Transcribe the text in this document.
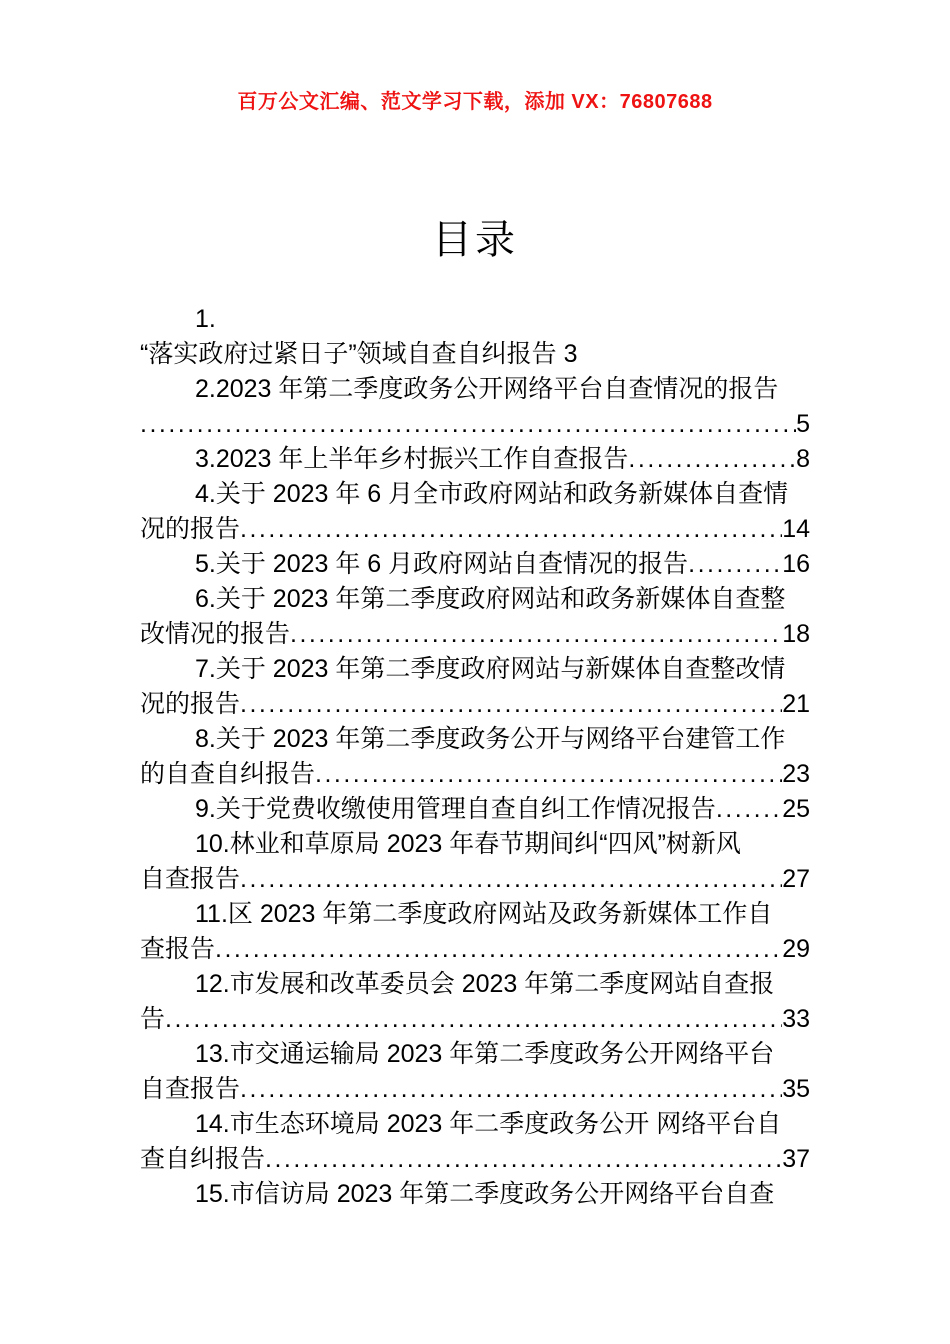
百万公文汇编、范文学习下载，添加 VX：76807688
目录
1.
“落实政府过紧日子”领域自查自纠报告 3
2.2023 年第二季度政务公开网络平台自查情况的报告
.....
5
3.2023 年上半年乡村振兴工作自查报告 .....	8
4.关于 2023 年 6 月全市政府网站和政务新媒体自查情
况的报告 .....	14
5.关于 2023 年 6 月政府网站自查情况的报告 .....	16
6.关于 2023 年第二季度政府网站和政务新媒体自查整
改情况的报告 .....	18
7.关于 2023 年第二季度政府网站与新媒体自查整改情
况的报告 .....	21
8.关于 2023 年第二季度政务公开与网络平台建管工作
的自查自纠报告 .....	23
9.关于党费收缴使用管理自查自纠工作情况报告 .....	25
10.林业和草原局 2023 年春节期间纠“四风”树新风
自查报告 .....	27
11.区 2023 年第二季度政府网站及政务新媒体工作自
查报告 .....	29
12.市发展和改革委员会 2023 年第二季度网站自查报
告 .....	33
13.市交通运输局 2023 年第二季度政务公开网络平台
自查报告 .....	35
14.市生态环境局 2023 年二季度政务公开 网络平台自
查自纠报告 .....	37
15.市信访局 2023 年第二季度政务公开网络平台自查
